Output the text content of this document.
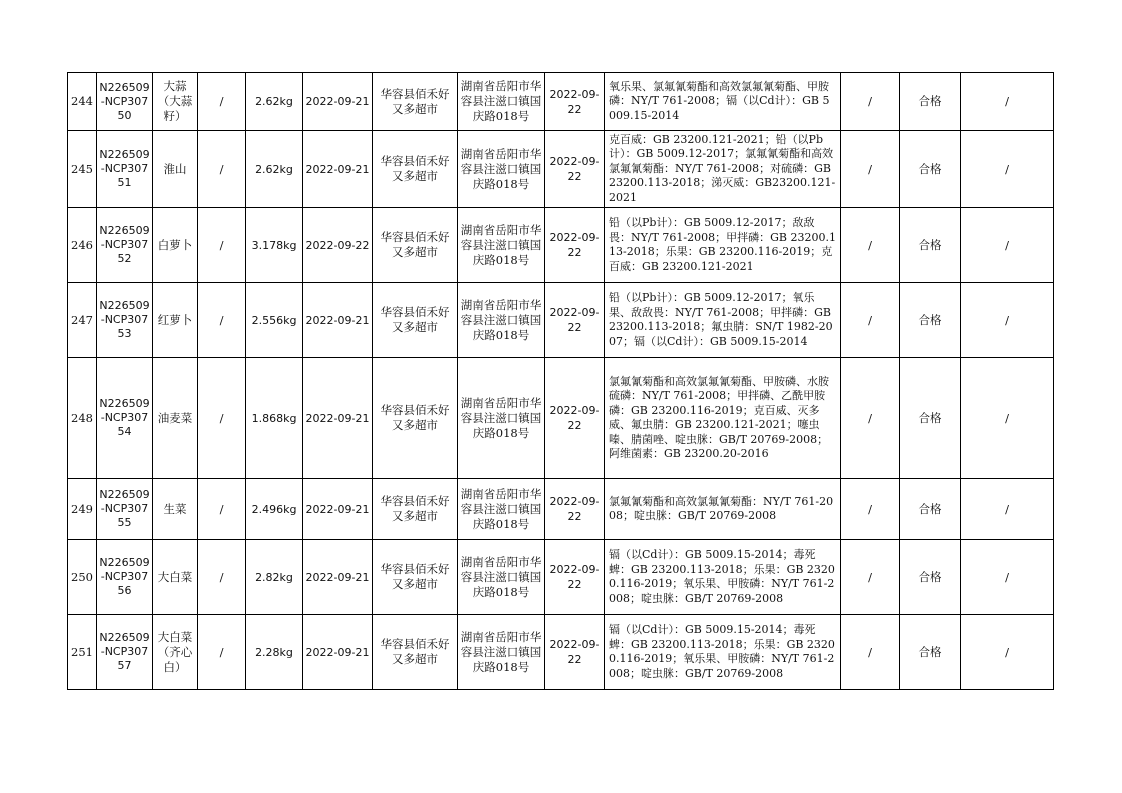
244	N226509-NCP30750	大蒜
（大蒜
籽）	/	2.62kg	2022-09-21	华容县佰禾好又多超市	湖南省岳阳市华容县注滋口镇国庆路018号	2022-09-22	氧乐果、氯氟氰菊酯和高效氯氟氰菊酯、甲胺磷：NY/T 761-2008；镉（以Cd计）：GB 5009.15-2014	/	合格	/
245	N226509-NCP30751	淮山	/	2.62kg	2022-09-21	华容县佰禾好又多超市	湖南省岳阳市华容县注滋口镇国庆路018号	2022-09-22	克百威：GB 23200.121-2021；铅（以Pb计）：GB 5009.12-2017；氯氟氰菊酯和高效氯氟氰菊酯：NY/T 761-2008；对硫磷：GB 23200.113-2018；涕灭威：GB23200.121-2021	/	合格	/
246	N226509-NCP30752	白萝卜	/	3.178kg	2022-09-22	华容县佰禾好又多超市	湖南省岳阳市华容县注滋口镇国庆路018号	2022-09-22	铅（以Pb计）：GB 5009.12-2017；敌敌畏：NY/T 761-2008；甲拌磷：GB 23200.113-2018；乐果：GB 23200.116-2019；克百威：GB 23200.121-2021	/	合格	/
247	N226509-NCP30753	红萝卜	/	2.556kg	2022-09-21	华容县佰禾好又多超市	湖南省岳阳市华容县注滋口镇国庆路018号	2022-09-22	铅（以Pb计）：GB 5009.12-2017；氧乐果、敌敌畏：NY/T 761-2008；甲拌磷：GB 23200.113-2018；氟虫腈：SN/T 1982-2007；镉（以Cd计）：GB 5009.15-2014	/	合格	/
248	N226509-NCP30754	油麦菜	/	1.868kg	2022-09-21	华容县佰禾好又多超市	湖南省岳阳市华容县注滋口镇国庆路018号	2022-09-22	氯氟氰菊酯和高效氯氟氰菊酯、甲胺磷、水胺硫磷：NY/T 761-2008；甲拌磷、乙酰甲胺磷：GB 23200.116-2019；克百威、灭多威、氟虫腈：GB 23200.121-2021；噻虫嗪、腈菌唑、啶虫脒：GB/T 20769-2008；阿维菌素：GB 23200.20-2016	/	合格	/
249	N226509-NCP30755	生菜	/	2.496kg	2022-09-21	华容县佰禾好又多超市	湖南省岳阳市华容县注滋口镇国庆路018号	2022-09-22	氯氟氰菊酯和高效氯氟氰菊酯：NY/T 761-2008；啶虫脒：GB/T 20769-2008	/	合格	/
250	N226509-NCP30756	大白菜	/	2.82kg	2022-09-21	华容县佰禾好又多超市	湖南省岳阳市华容县注滋口镇国庆路018号	2022-09-22	镉（以Cd计）：GB 5009.15-2014；毒死蜱：GB 23200.113-2018；乐果：GB 23200.116-2019；氧乐果、甲胺磷：NY/T 761-2008；啶虫脒：GB/T 20769-2008	/	合格	/
251	N226509-NCP30757	大白菜
（齐心
白）	/	2.28kg	2022-09-21	华容县佰禾好又多超市	湖南省岳阳市华容县注滋口镇国庆路018号	2022-09-22	镉（以Cd计）：GB 5009.15-2014；毒死蜱：GB 23200.113-2018；乐果：GB 23200.116-2019；氧乐果、甲胺磷：NY/T 761-2008；啶虫脒：GB/T 20769-2008	/	合格	/
